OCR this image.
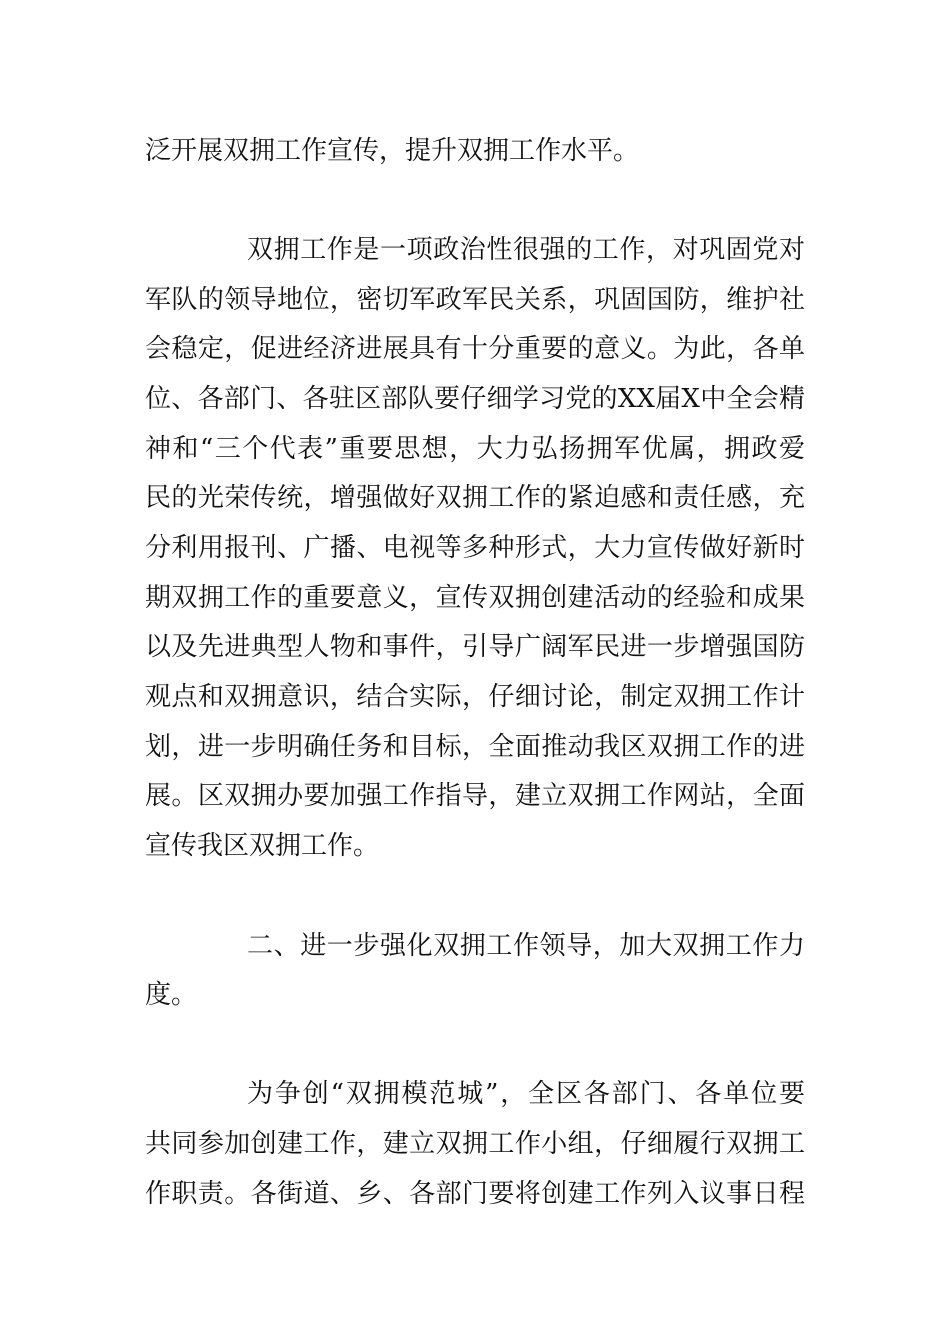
泛开展双拥工作宣传，提升双拥工作水平。
双拥工作是一项政治性很强的工作，对巩固党对
军队的领导地位，密切军政军民关系，巩固国防，维护社
会稳定，促进经济进展具有十分重要的意义。为此，各单
位、各部门、各驻区部队要仔细学习党的XX届X中全会精
神和“三个代表”重要思想，大力弘扬拥军优属，拥政爱
民的光荣传统，增强做好双拥工作的紧迫感和责任感，充
分利用报刊、广播、电视等多种形式，大力宣传做好新时
期双拥工作的重要意义，宣传双拥创建活动的经验和成果
以及先进典型人物和事件，引导广阔军民进一步增强国防
观点和双拥意识，结合实际，仔细讨论，制定双拥工作计
划，进一步明确任务和目标，全面推动我区双拥工作的进
展。区双拥办要加强工作指导，建立双拥工作网站，全面
宣传我区双拥工作。
二、进一步强化双拥工作领导，加大双拥工作力
度。
为争创“双拥模范城”，全区各部门、各单位要
共同参加创建工作，建立双拥工作小组，仔细履行双拥工
作职责。各街道、乡、各部门要将创建工作列入议事日程
